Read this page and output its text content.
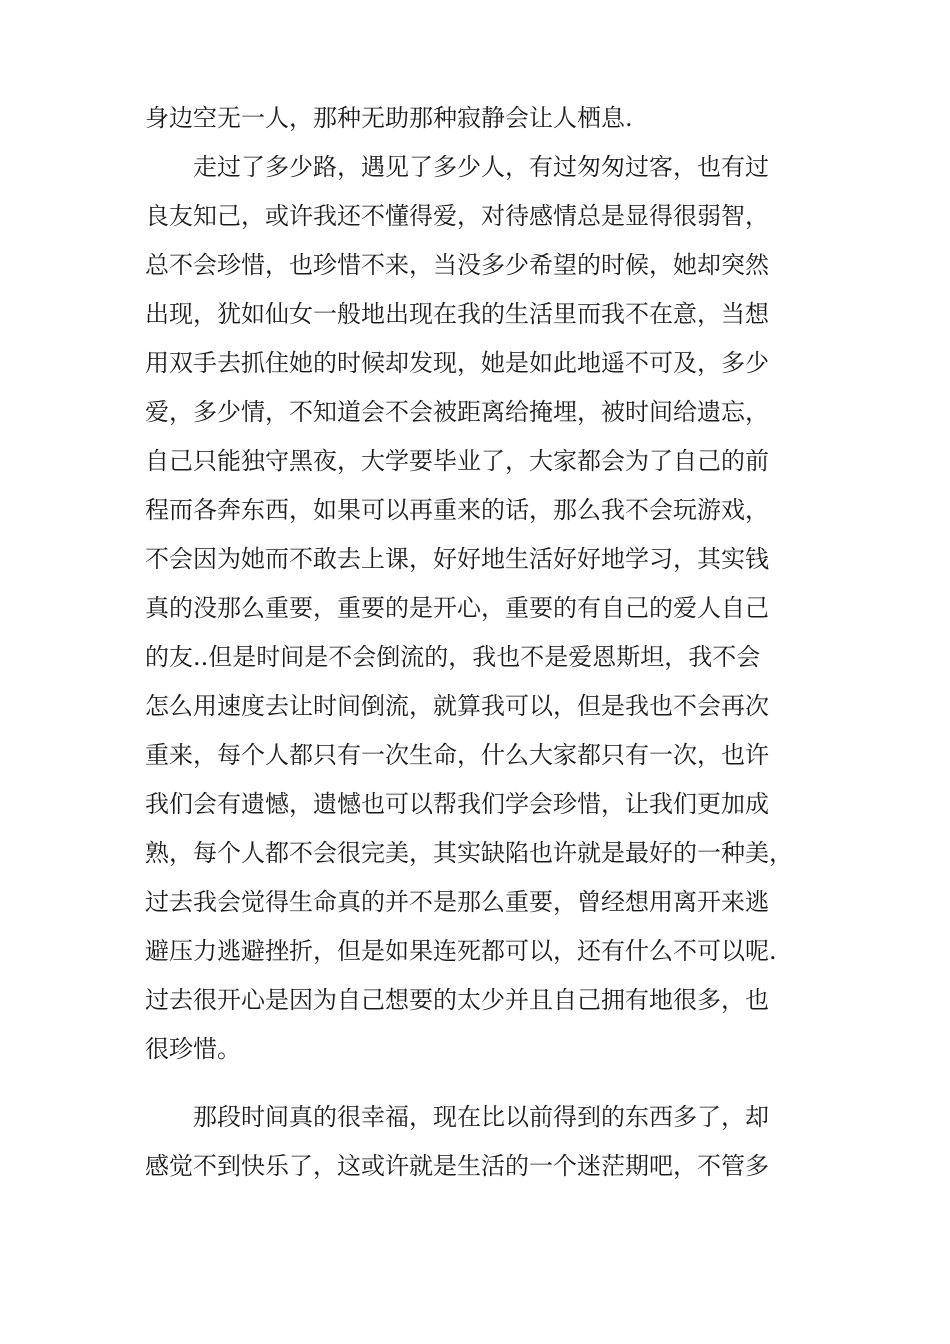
身边空无一人，那种无助那种寂静会让人栖息.
走过了多少路，遇见了多少人，有过匆匆过客，也有过
良友知己，或许我还不懂得爱，对待感情总是显得很弱智，
总不会珍惜，也珍惜不来，当没多少希望的时候，她却突然
出现，犹如仙女一般地出现在我的生活里而我不在意，当想
用双手去抓住她的时候却发现，她是如此地遥不可及，多少
爱，多少情，不知道会不会被距离给掩埋，被时间给遗忘，
自己只能独守黑夜，大学要毕业了，大家都会为了自己的前
程而各奔东西，如果可以再重来的话，那么我不会玩游戏，
不会因为她而不敢去上课，好好地生活好好地学习，其实钱
真的没那么重要，重要的是开心，重要的有自己的爱人自己
的友..但是时间是不会倒流的，我也不是爱恩斯坦，我不会
怎么用速度去让时间倒流，就算我可以，但是我也不会再次
重来，每个人都只有一次生命，什么大家都只有一次，也许
我们会有遗憾，遗憾也可以帮我们学会珍惜，让我们更加成
熟，每个人都不会很完美，其实缺陷也许就是最好的一种美，
过去我会觉得生命真的并不是那么重要，曾经想用离开来逃
避压力逃避挫折，但是如果连死都可以，还有什么不可以呢.
过去很开心是因为自己想要的太少并且自己拥有地很多，也
很珍惜。
那段时间真的很幸福，现在比以前得到的东西多了，却
感觉不到快乐了，这或许就是生活的一个迷茫期吧，不管多
